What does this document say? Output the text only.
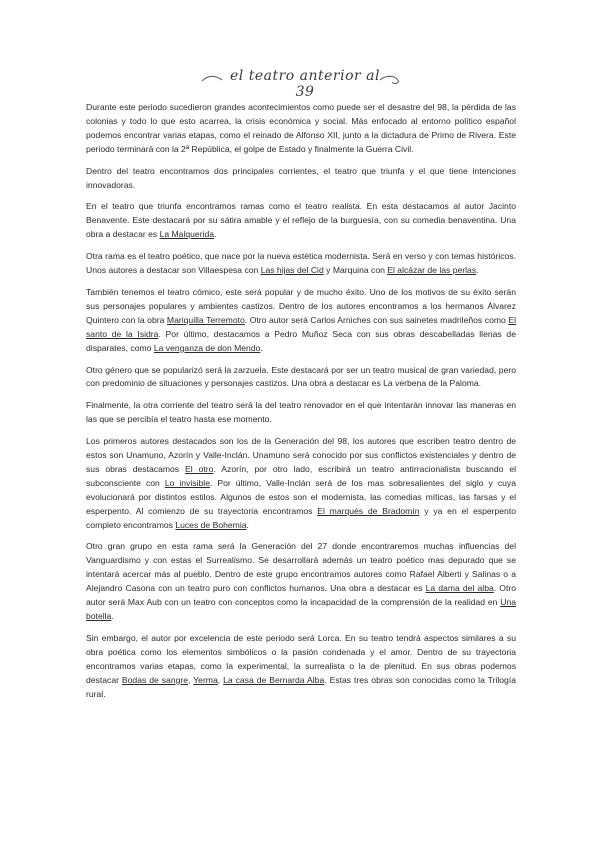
el teatro anterior al 39

Durante este periodo sucedieron grandes acontecimientos como puede ser el desastre del 98, la pérdida de las colonias y todo lo que esto acarrea, la crisis económica y social. Más enfocado al entorno político español podemos encontrar varias etapas, como el reinado de Alfonso XII, junto a la dictadura de Primo de Rivera. Este periodo terminará con la 2ª República, el golpe de Estado y finalmente la Guerra Civil.

Dentro del teatro encontramos dos principales corrientes, el teatro que triunfa y el que tiene intenciones innovadoras.

En el teatro que triunfa encontramos ramas como el teatro realista. En esta destacamos al autor Jacinto Benavente. Este destacará por su sátira amable y el reflejo de la burguesía, con su comedia benaventina. Una obra a destacar es La Malquerida.

Otra rama es el teatro poético, que nace por la nueva estética modernista. Será en verso y con temas históricos. Unos autores a destacar son Villaespesa con Las hijas del Cid y Marquina con El alcázar de las perlas.

También tenemos el teatro cómico, este será popular y de mucho éxito. Uno de los motivos de su éxito serán sus personajes populares y ambientes castizos. Dentro de los autores encontramos a los hermanos Álvarez Quintero con la obra Mariquilla Terremoto. Otro autor será Carlos Arniches con sus sainetes madrileños como El santo de la Isidra. Por último, destacamos a Pedro Muñoz Seca con sus obras descabelladas llenas de disparates, como La venganza de don Mendo.

Otro género que se popularizó será la zarzuela. Este destacará por ser un teatro musical de gran variedad, pero con predominio de situaciones y personajes castizos. Una obra a destacar es La verbena de la Paloma.

Finalmente, la otra corriente del teatro será la del teatro renovador en el que intentarán innovar las maneras en las que se percibía el teatro hasta ese momento.

Los primeros autores destacados son los de la Generación del 98, los autores que escriben teatro dentro de estos son Unamuno, Azorín y Valle-Inclán. Unamuno será conocido por sus conflictos existenciales y dentro de sus obras destacamos El otro. Azorín, por otro lado, escribirá un teatro antirracionalista buscando el subconsciente con Lo invisible. Por último, Valle-Inclán será de los mas sobresalientes del siglo y cuya evolucionará por distintos estilos. Algunos de estos son el modernista, las comedias míticas, las farsas y el esperpento. Al comienzo de su trayectoria encontramos El marqués de Bradomín y ya en el esperpento completo encontramos Luces de Bohemia.

Otro gran grupo en esta rama será la Generación del 27 donde encontraremos muchas influencias del Vanguardismo y con estas el Surrealismo. Se desarrollará además un teatro poético mas depurado que se intentará acercar más al pueblo. Dentro de este grupo encontramos autores como Rafael Alberti y Salinas o a Alejandro Casona con un teatro puro con conflictos humanos. Una obra a destacar es La dama del alba. Otro autor será Max Aub con un teatro con conceptos como la incapacidad de la comprensión de la realidad en Una botella.

Sin embargo, el autor por excelencia de este periodo será Lorca. En su teatro tendrá aspectos similares a su obra poética como los elementos simbólicos o la pasión condenada y el amor. Dentro de su trayectoria encontramos varias etapas, como la experimental, la surrealista o la de plenitud. En sus obras podemos destacar Bodas de sangre, Yerma, La casa de Bernarda Alba. Estas tres obras son conocidas como la Trilogía rural.
